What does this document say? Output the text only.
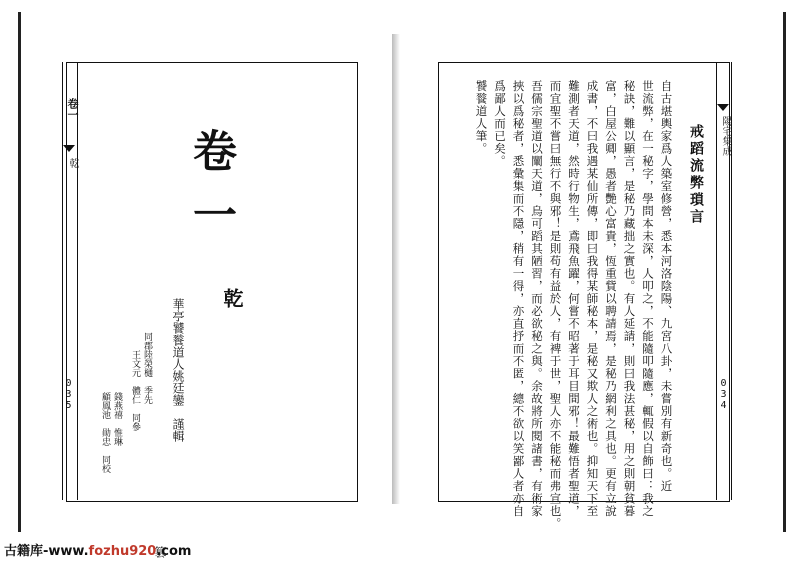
卷一
乾
035
卷一
乾
華亭饕餮道人姚廷鑾　謹輯
　　　　　　　　　篡
同郡陸榮樋　季先
王文元　體仁　同參
錢燕禧　惟琳
顧鳳池　勛忠　同校
陽宅集成
034
戒蹈流弊瑣言
自古堪輿家爲人築室修營，悉本河洛陰陽、九宮八卦，未嘗別有新奇也。近
世流弊，在一秘字，學問本未深，人叩之，不能隨叩隨應，輒假以自飾曰：我之
秘訣，難以顯言，是秘乃藏拙之實也。有人延請，則曰我法甚秘，用之則朝貧暮
富，白屋公卿，愚者艷心富貴，恆重貲以聘請焉，是秘乃網利之具也。更有立說
成書，不曰我遇某仙所傳，即曰我得某師秘本，是秘又欺人之術也。抑知天下至
難測者天道，然時行物生，鳶飛魚躍，何嘗不昭著于耳目間邪！最難悟者聖道，
而宜聖不嘗曰無行不與邪！是則苟有益於人，有裨于世，聖人亦不能秘而弗宣也。
吾儒宗聖道以闡天道，烏可蹈其陋習，而必欲秘之與。余故將所閱諸書，有術家
挾以爲秘者，悉彙集而不隱，稍有一得，亦直抒而不匿，總不欲以笑鄙人者亦自
爲鄙人而已矣。
饕餮道人筆。
古籍库-www.fozhu920.com
